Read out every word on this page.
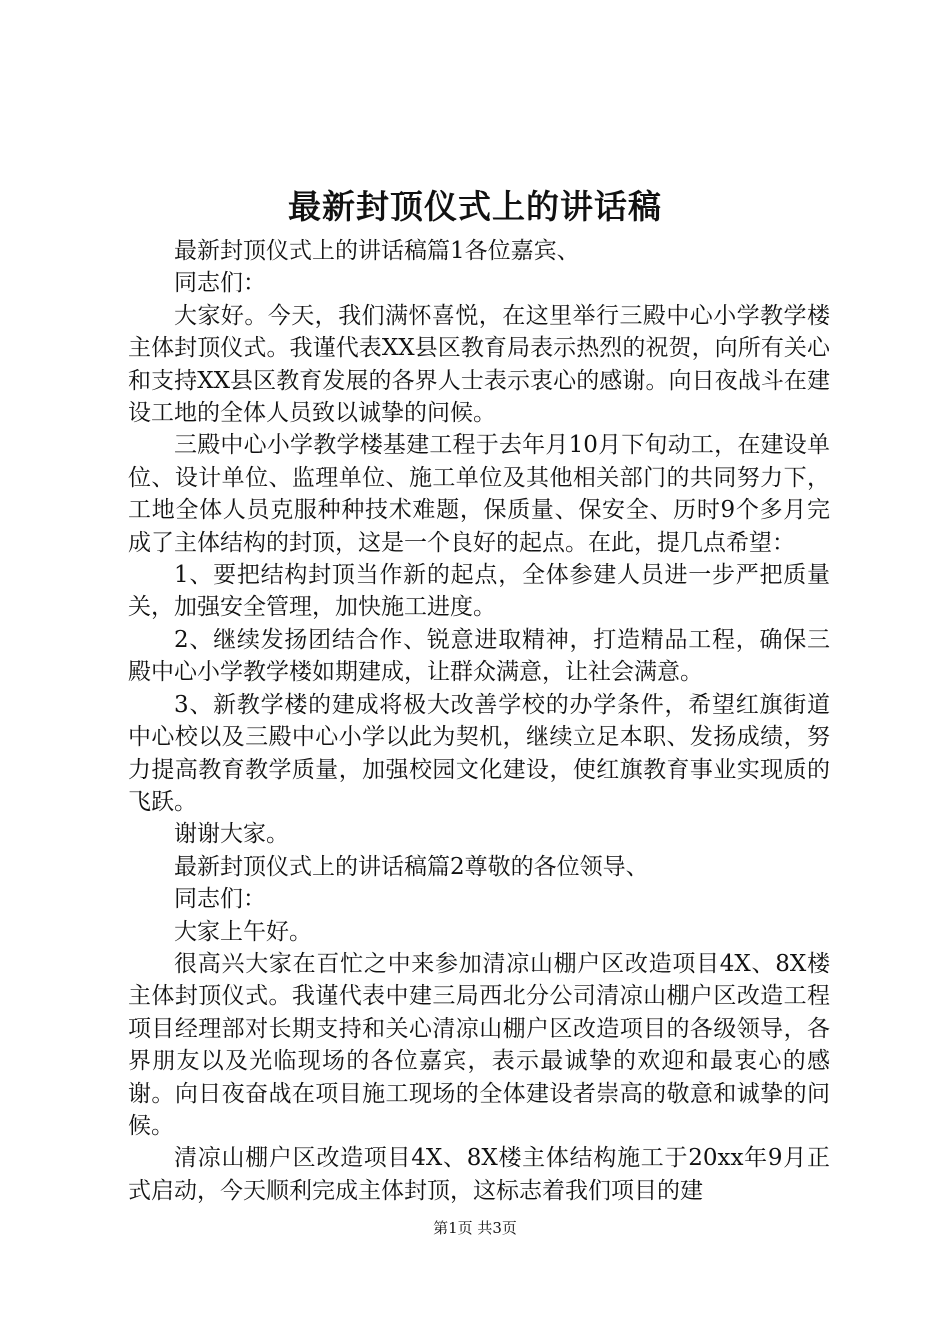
最新封顶仪式上的讲话稿

最新封顶仪式上的讲话稿篇1各位嘉宾、

同志们：

大家好。今天，我们满怀喜悦，在这里举行三殿中心小学教学楼主体封顶仪式。我谨代表XX县区教育局表示热烈的祝贺，向所有关心和支持XX县区教育发展的各界人士表示衷心的感谢。向日夜战斗在建设工地的全体人员致以诚挚的问候。

三殿中心小学教学楼基建工程于去年月10月下旬动工，在建设单位、设计单位、监理单位、施工单位及其他相关部门的共同努力下，工地全体人员克服种种技术难题，保质量、保安全、历时9个多月完成了主体结构的封顶，这是一个良好的起点。在此，提几点希望：

1、要把结构封顶当作新的起点，全体参建人员进一步严把质量关，加强安全管理，加快施工进度。

2、继续发扬团结合作、锐意进取精神，打造精品工程，确保三殿中心小学教学楼如期建成，让群众满意，让社会满意。

3、新教学楼的建成将极大改善学校的办学条件，希望红旗街道中心校以及三殿中心小学以此为契机，继续立足本职、发扬成绩，努力提高教育教学质量，加强校园文化建设，使红旗教育事业实现质的飞跃。

谢谢大家。

最新封顶仪式上的讲话稿篇2尊敬的各位领导、

同志们：

大家上午好。

很高兴大家在百忙之中来参加清凉山棚户区改造项目4X、8X楼主体封顶仪式。我谨代表中建三局西北分公司清凉山棚户区改造工程项目经理部对长期支持和关心清凉山棚户区改造项目的各级领导，各界朋友以及光临现场的各位嘉宾，表示最诚挚的欢迎和最衷心的感谢。向日夜奋战在项目施工现场的全体建设者崇高的敬意和诚挚的问候。

清凉山棚户区改造项目4X、8X楼主体结构施工于20xx年9月正式启动，今天顺利完成主体封顶，这标志着我们项目的建

第1页 共3页
